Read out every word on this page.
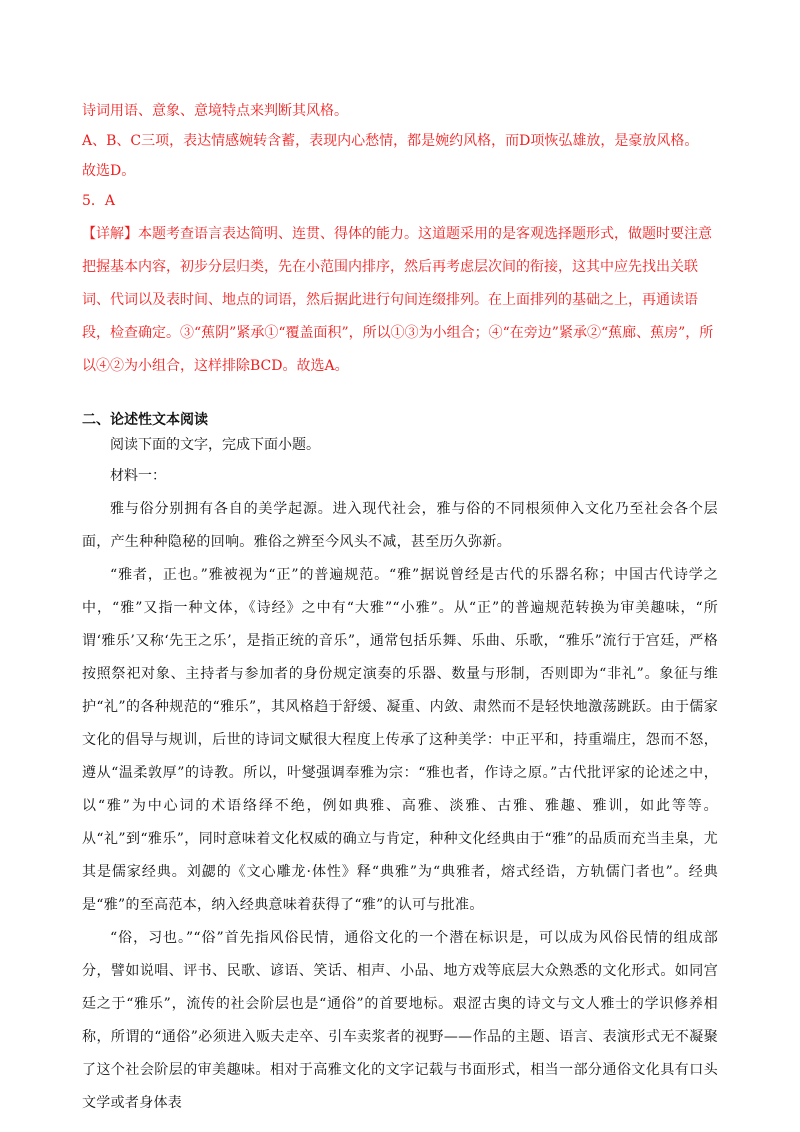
诗词用语、意象、意境特点来判断其风格。

A、B、C三项，表达情感婉转含蓄，表现内心愁情，都是婉约风格，而D项恢弘雄放，是豪放风格。

故选D。

5．A

【详解】本题考查语言表达简明、连贯、得体的能力。这道题采用的是客观选择题形式，做题时要注意把握基本内容，初步分层归类，先在小范围内排序，然后再考虑层次间的衔接，这其中应先找出关联词、代词以及表时间、地点的词语，然后据此进行句间连缀排列。在上面排列的基础之上，再通读语段，检查确定。③“蕉阴”紧承①“覆盖面积”，所以①③为小组合；④“在旁边”紧承②“蕉廊、蕉房”，所以④②为小组合，这样排除BCD。故选A。

二、论述性文本阅读

阅读下面的文字，完成下面小题。

材料一：

雅与俗分别拥有各自的美学起源。进入现代社会，雅与俗的不同根须伸入文化乃至社会各个层面，产生种种隐秘的回响。雅俗之辨至今风头不减，甚至历久弥新。

“雅者，正也。”雅被视为“正”的普遍规范。“雅”据说曾经是古代的乐器名称；中国古代诗学之中，“雅”又指一种文体，《诗经》之中有“大雅”“小雅”。从“正”的普遍规范转换为审美趣味，“所谓‘雅乐’又称‘先王之乐’，是指正统的音乐”，通常包括乐舞、乐曲、乐歌，“雅乐”流行于宫廷，严格按照祭祀对象、主持者与参加者的身份规定演奏的乐器、数量与形制，否则即为“非礼”。象征与维护“礼”的各种规范的“雅乐”，其风格趋于舒缓、凝重、内敛、肃然而不是轻快地激荡跳跃。由于儒家文化的倡导与规训，后世的诗词文赋很大程度上传承了这种美学：中正平和，持重端庄，怨而不怒，遵从“温柔敦厚”的诗教。所以，叶燮强调奉雅为宗：“雅也者，作诗之原。”古代批评家的论述之中，以“雅”为中心词的术语络绎不绝，例如典雅、高雅、淡雅、古雅、雅趣、雅训，如此等等。从“礼”到“雅乐”，同时意味着文化权威的确立与肯定，种种文化经典由于“雅”的品质而充当圭臬，尤其是儒家经典。刘勰的《文心雕龙·体性》释“典雅”为“典雅者，熔式经诰，方轨儒门者也”。经典是“雅”的至高范本，纳入经典意味着获得了“雅”的认可与批准。

“俗，习也。”“俗”首先指风俗民情，通俗文化的一个潜在标识是，可以成为风俗民情的组成部分，譬如说唱、评书、民歌、谚语、笑话、相声、小品、地方戏等底层大众熟悉的文化形式。如同宫廷之于“雅乐”，流传的社会阶层也是“通俗”的首要地标。艰涩古奥的诗文与文人雅士的学识修养相称，所谓的“通俗”必须进入贩夫走卒、引车卖浆者的视野——作品的主题、语言、表演形式无不凝聚了这个社会阶层的审美趣味。相对于高雅文化的文字记载与书面形式，相当一部分通俗文化具有口头文学或者身体表
